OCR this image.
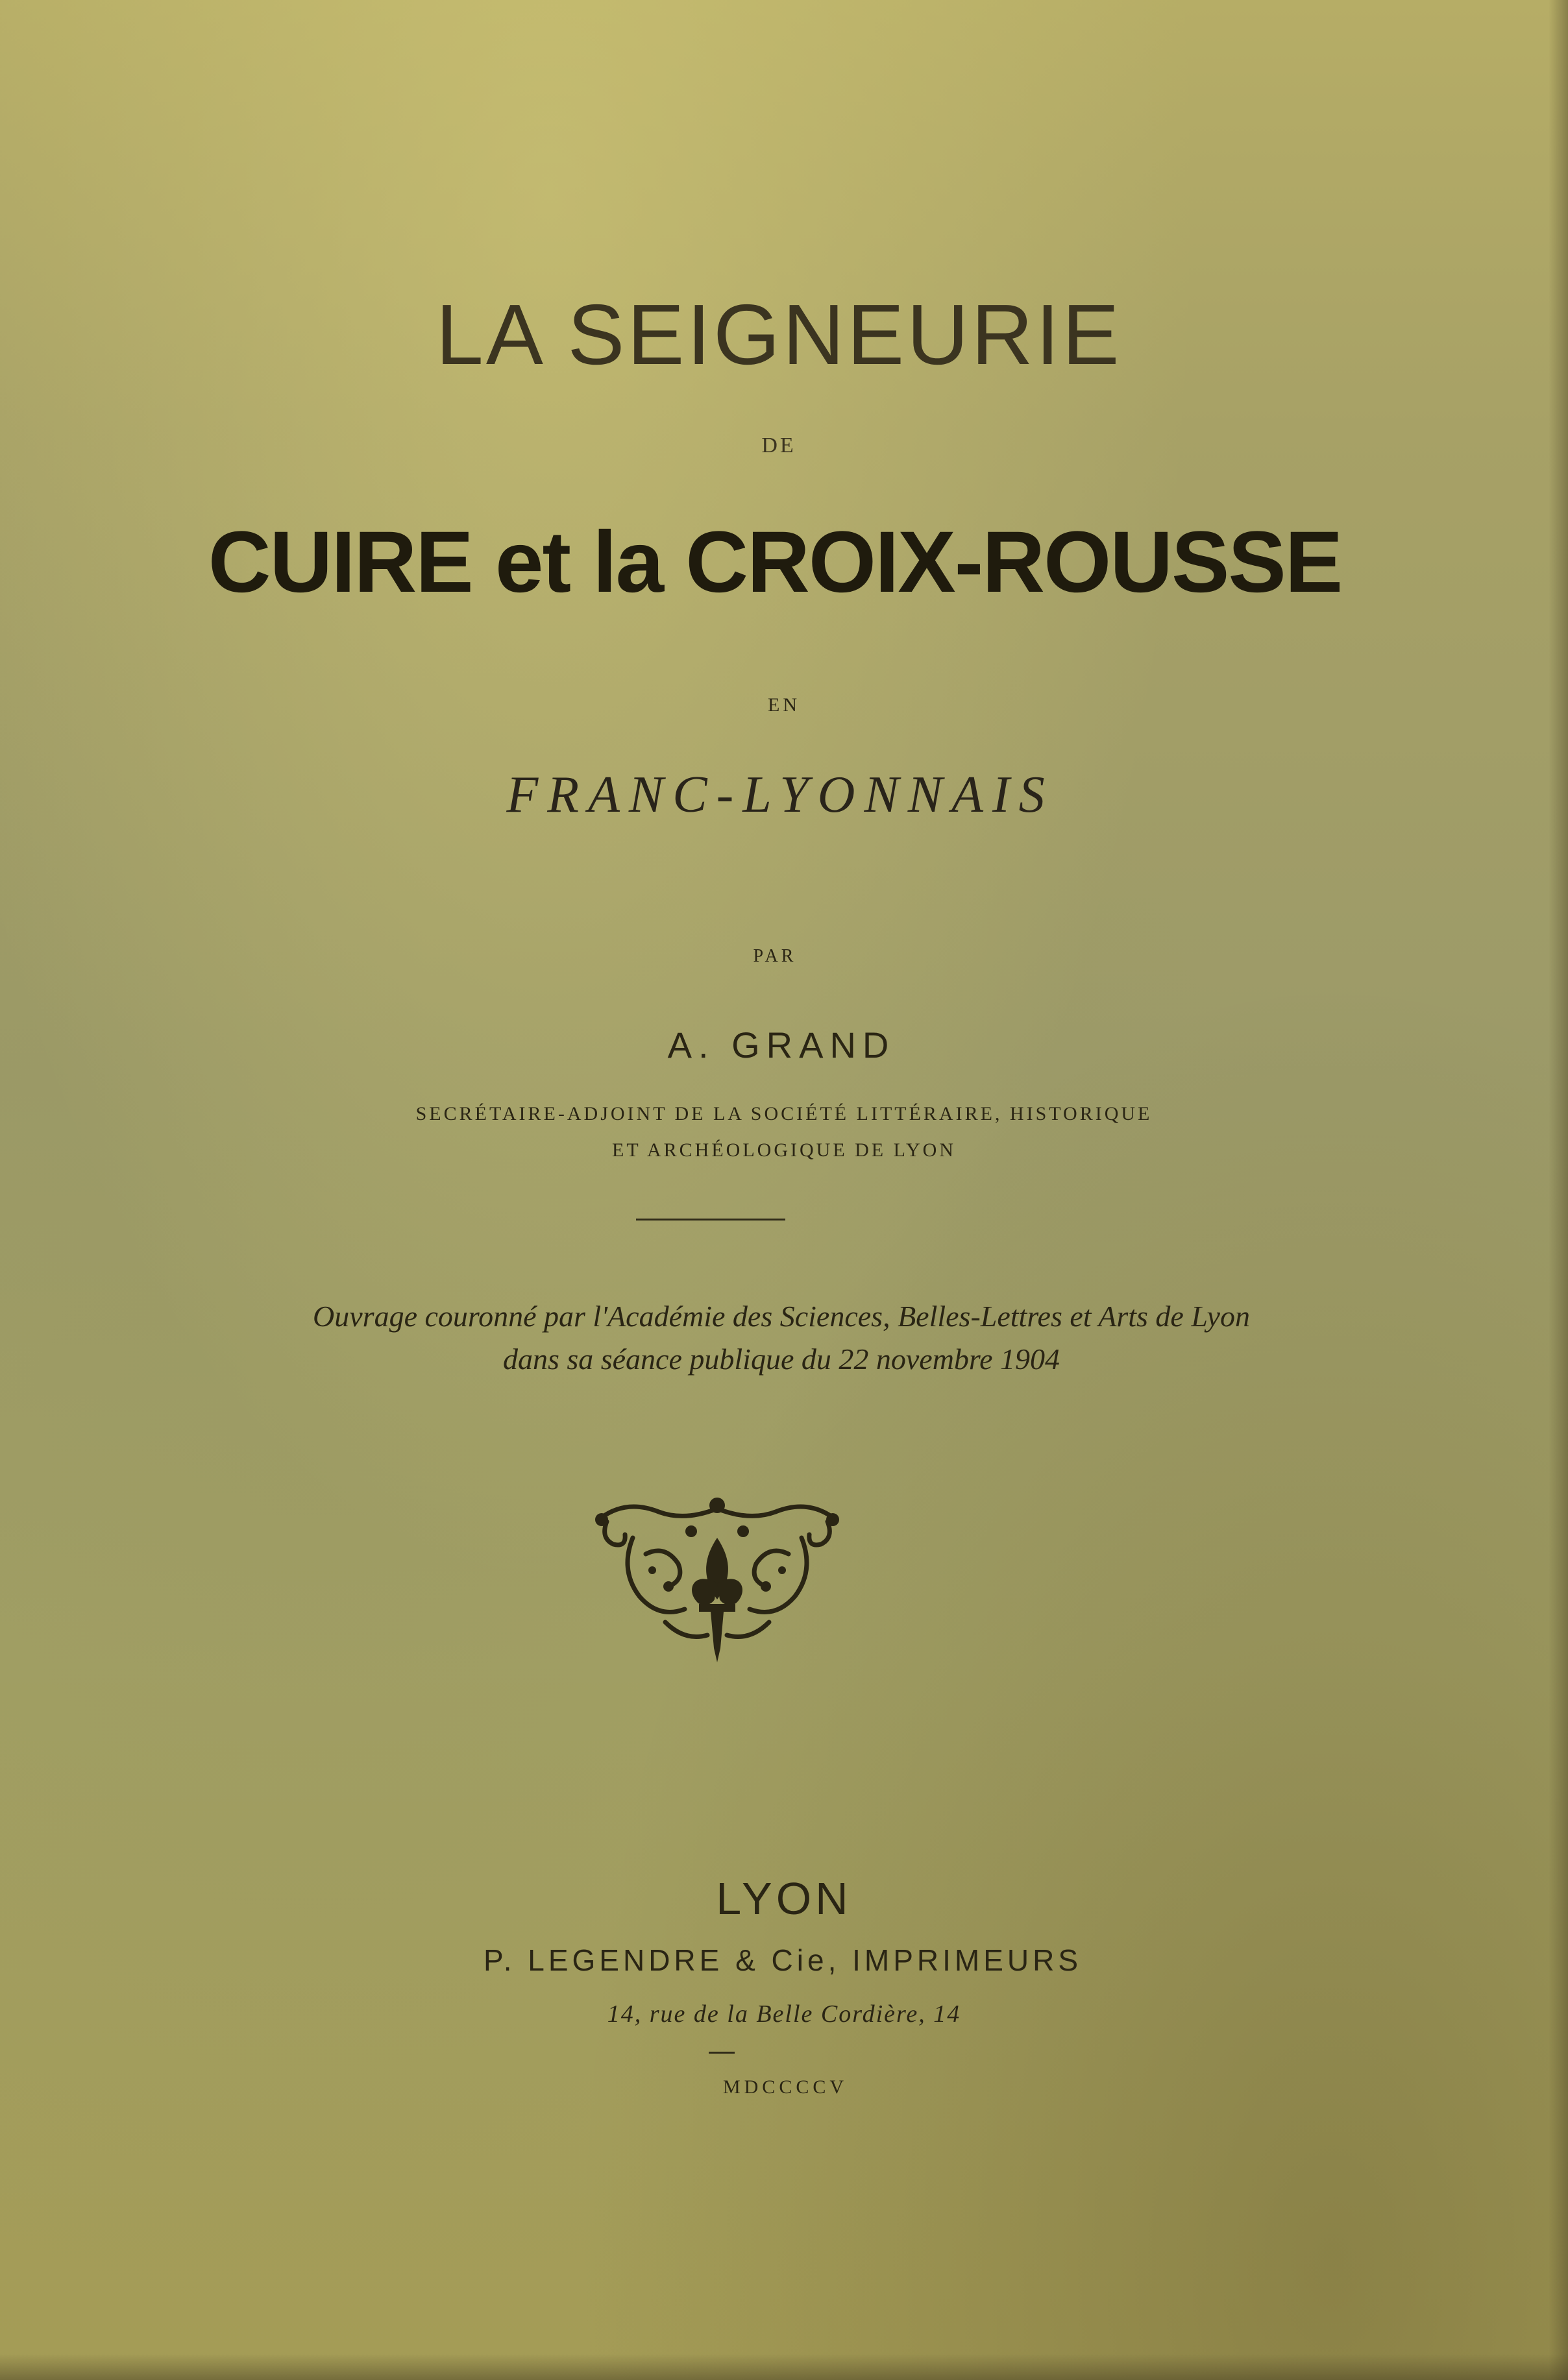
LA SEIGNEURIE
DE
CUIRE et la CROIX-ROUSSE
EN
FRANC-LYONNAIS
PAR
A. GRAND
SECRÉTAIRE-ADJOINT DE LA SOCIÉTÉ LITTÉRAIRE, HISTORIQUE
ET ARCHÉOLOGIQUE DE LYON
Ouvrage couronné par l'Académie des Sciences, Belles-Lettres et Arts de Lyon
dans sa séance publique du 22 novembre 1904
LYON
P. LEGENDRE & Cie, IMPRIMEURS
14, rue de la Belle Cordière, 14
MDCCCCV
